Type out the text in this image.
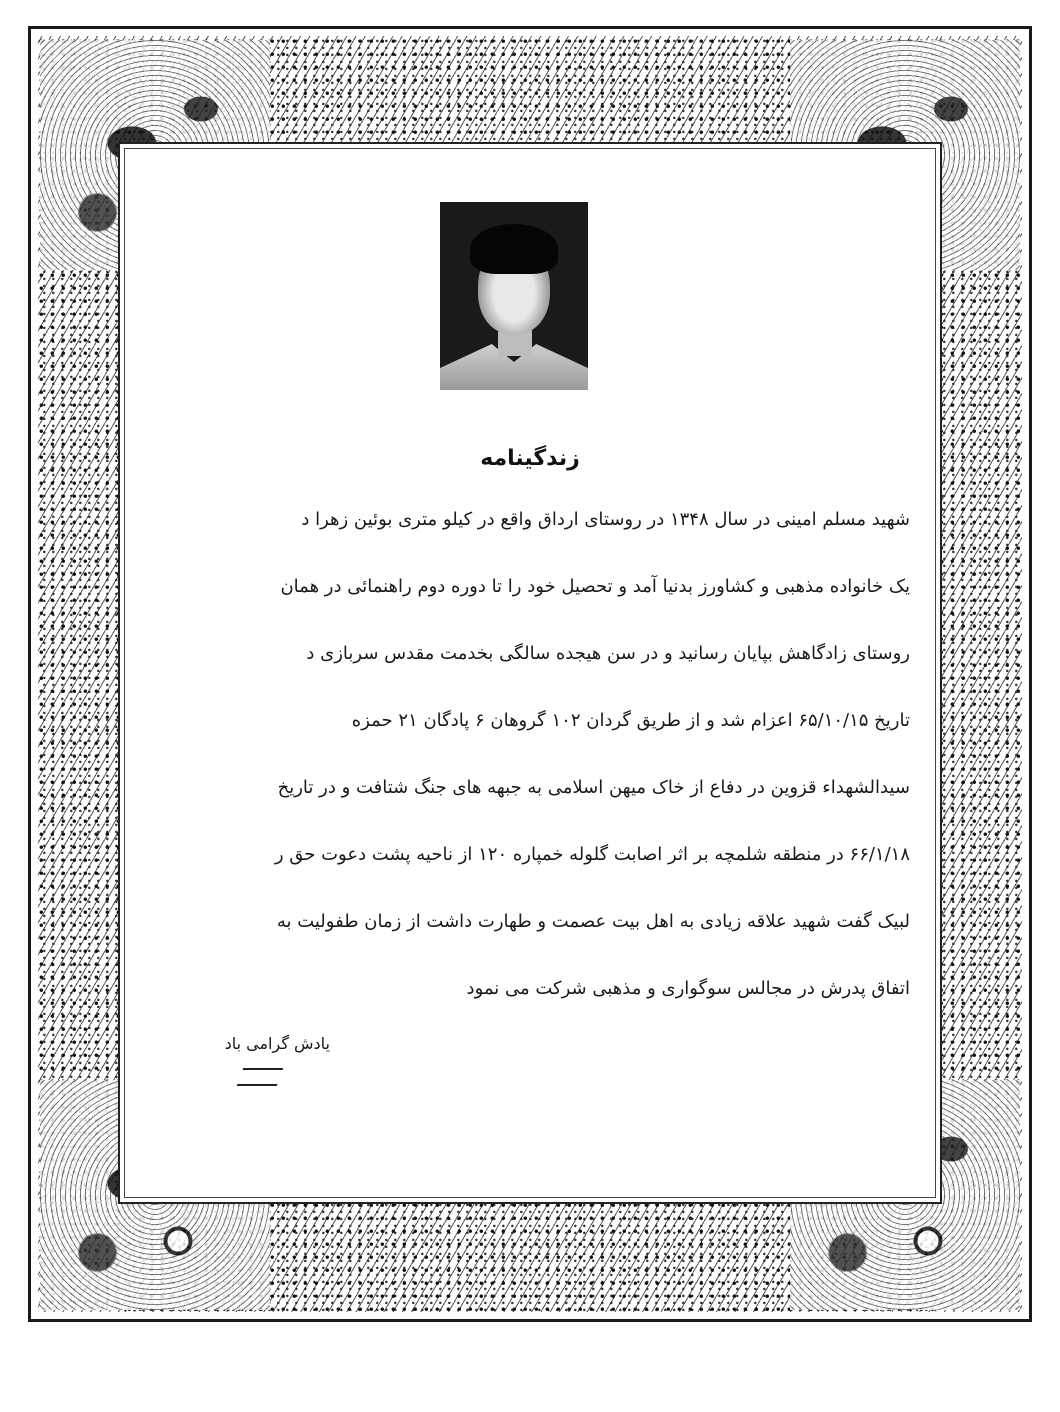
زندگینامه

شهید مسلم امینی در سال ۱۳۴۸ در روستای ارداق واقع در کیلو متری بوئین زهرا د

یک خانواده مذهبی و کشاورز بدنیا آمد و تحصیل خود را تا دوره دوم راهنمائی در همان

روستای زادگاهش بپایان رسانید و در سن هیجده سالگی بخدمت مقدس سربازی د

تاریخ ۶۵/۱۰/۱۵ اعزام شد و از طریق گردان ۱۰۲ گروهان ۶ پادگان ۲۱ حمزه

سیدالشهداء قزوین در دفاع از خاک میهن اسلامی به جبهه های جنگ شتافت و در تاریخ

۶۶/۱/۱۸ در منطقه شلمچه بر اثر اصابت گلوله خمپاره ۱۲۰ از ناحیه پشت دعوت حق ر

لبیک گفت شهید علاقه زیادی به اهل بیت عصمت و طهارت داشت از زمان طفولیت به

اتفاق پدرش در مجالس سوگواری و مذهبی شرکت می نمود

یادش گرامی باد
